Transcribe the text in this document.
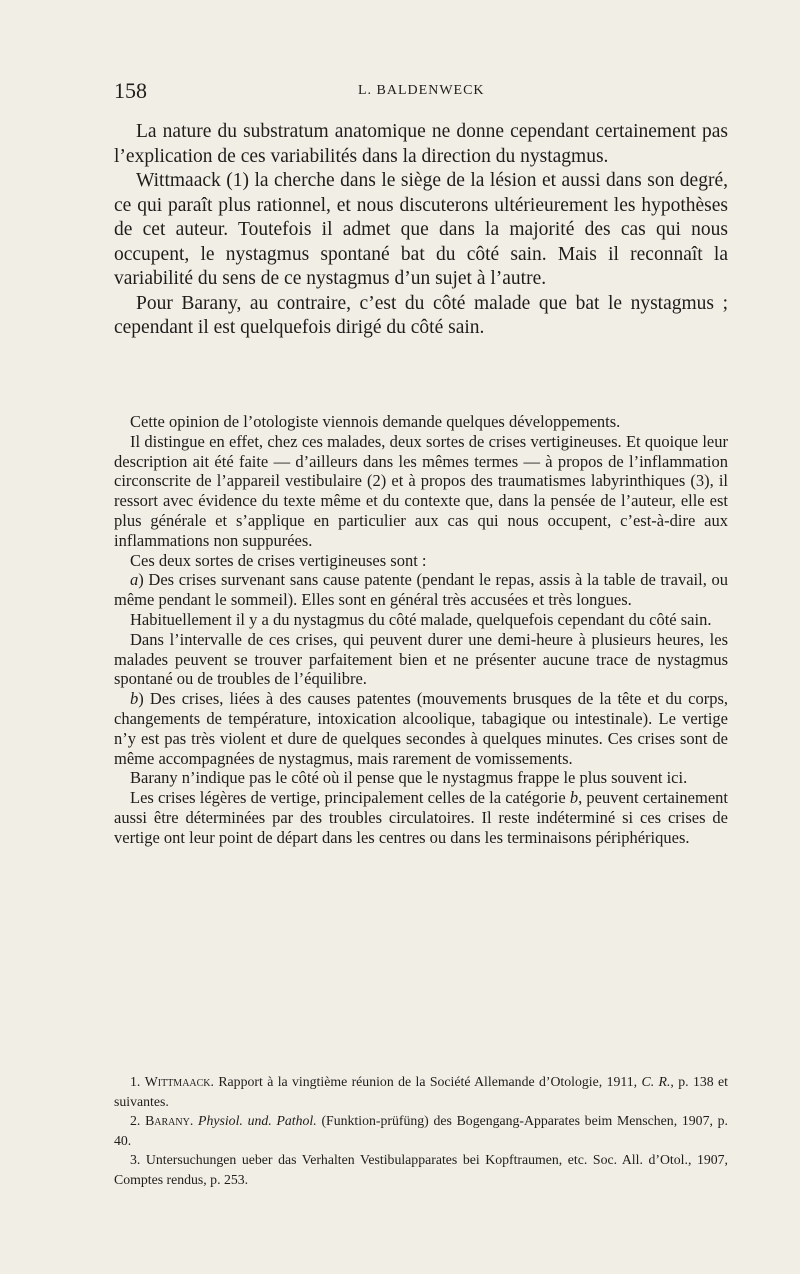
158	L. BALDENWECK

La nature du substratum anatomique ne donne cependant certainement pas l’explication de ces variabilités dans la direction du nystagmus.

Wittmaack (1) la cherche dans le siège de la lésion et aussi dans son degré, ce qui paraît plus rationnel, et nous discuterons ultérieurement les hypothèses de cet auteur. Toutefois il admet que dans la majorité des cas qui nous occupent, le nystagmus spontané bat du côté sain. Mais il reconnaît la variabilité du sens de ce nystagmus d’un sujet à l’autre.

Pour Barany, au contraire, c’est du côté malade que bat le nystagmus ; cependant il est quelquefois dirigé du côté sain.

Cette opinion de l’otologiste viennois demande quelques développements.

Il distingue en effet, chez ces malades, deux sortes de crises vertigineuses. Et quoique leur description ait été faite — d’ailleurs dans les mêmes termes — à propos de l’inflammation circonscrite de l’appareil vestibulaire (2) et à propos des traumatismes labyrinthiques (3), il ressort avec évidence du texte même et du contexte que, dans la pensée de l’auteur, elle est plus générale et s’applique en particulier aux cas qui nous occupent, c’est-à-dire aux inflammations non suppurées.

Ces deux sortes de crises vertigineuses sont :

a) Des crises survenant sans cause patente (pendant le repas, assis à la table de travail, ou même pendant le sommeil). Elles sont en général très accusées et très longues.

Habituellement il y a du nystagmus du côté malade, quelquefois cependant du côté sain.

Dans l’intervalle de ces crises, qui peuvent durer une demi-heure à plusieurs heures, les malades peuvent se trouver parfaitement bien et ne présenter aucune trace de nystagmus spontané ou de troubles de l’équilibre.

b) Des crises, liées à des causes patentes (mouvements brusques de la tête et du corps, changements de température, intoxication alcoolique, tabagique ou intestinale). Le vertige n’y est pas très violent et dure de quelques secondes à quelques minutes. Ces crises sont de même accompagnées de nystagmus, mais rarement de vomissements.

Barany n’indique pas le côté où il pense que le nystagmus frappe le plus souvent ici.

Les crises légères de vertige, principalement celles de la catégorie b, peuvent certainement aussi être déterminées par des troubles circulatoires. Il reste indéterminé si ces crises de vertige ont leur point de départ dans les centres ou dans les terminaisons périphériques.

1. Wittmaack. Rapport à la vingtième réunion de la Société Allemande d’Otologie, 1911, C. R., p. 138 et suivantes.

2. Barany. Physiol. und. Pathol. (Funktion-prüfüng) des Bogengang-Apparates beim Menschen, 1907, p. 40.

3. Untersuchungen ueber das Verhalten Vestibulapparates bei Kopftraumen, etc. Soc. All. d’Otol., 1907, Comptes rendus, p. 253.
